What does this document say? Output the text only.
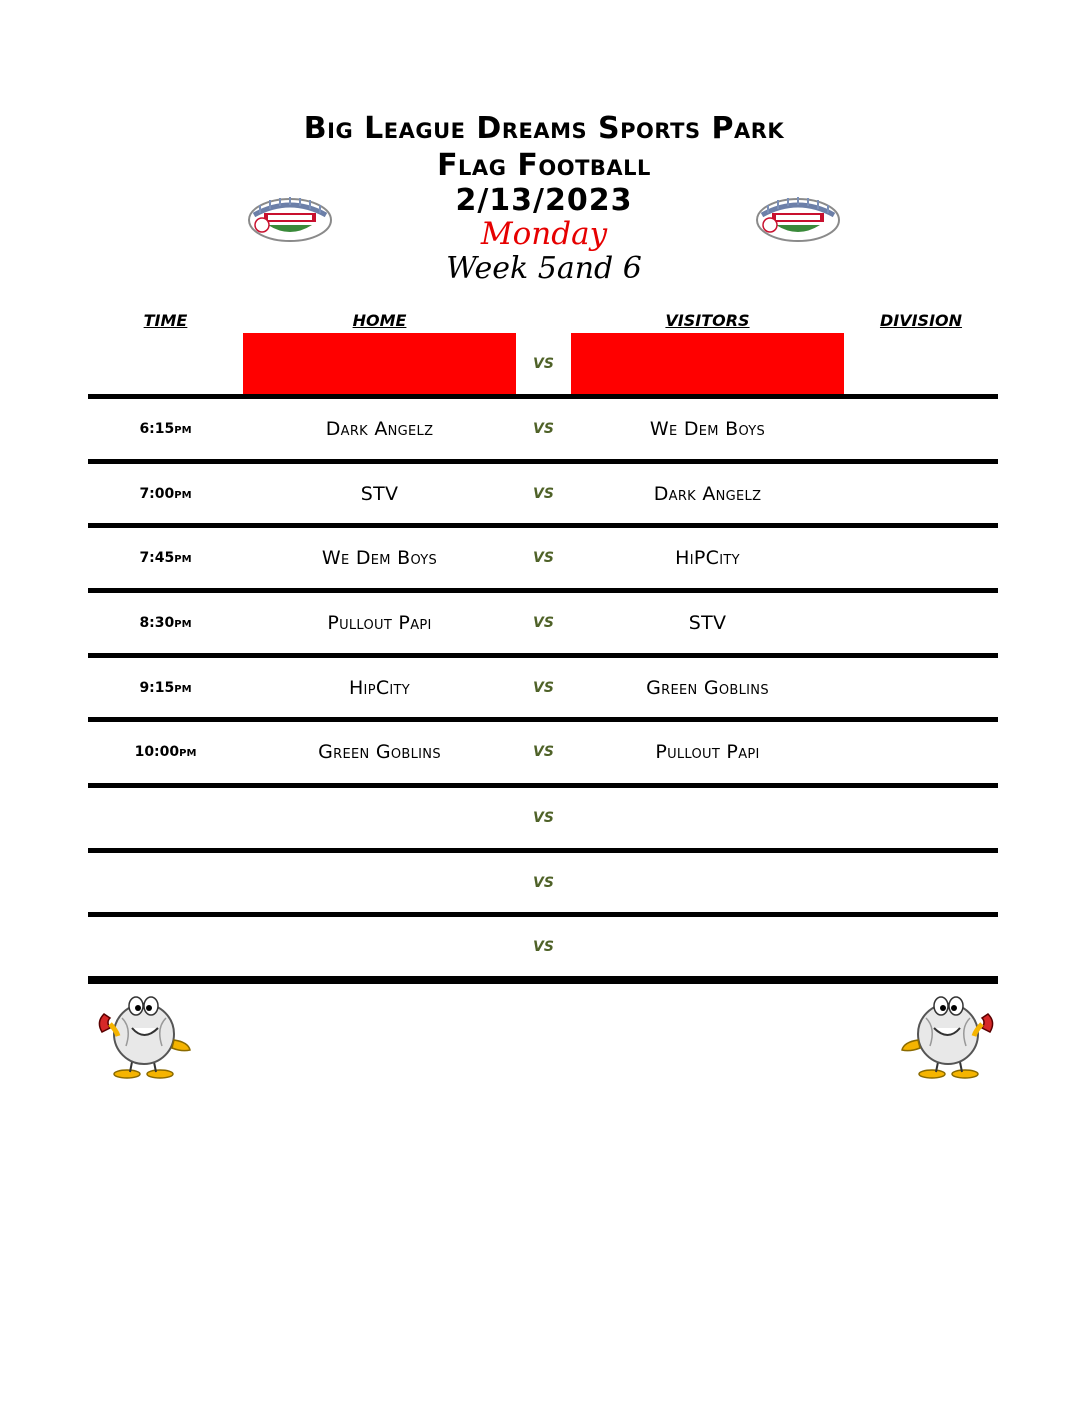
Big League Dreams Sports Park
Flag Football
2/13/2023
Monday
Week 5and 6
TIME	HOME	VISITORS	DIVISION
VS
6:15pm	Dark Angelz	VS	We Dem Boys
7:00pm	STV	VS	Dark Angelz
7:45pm	We Dem Boys	VS	HiPCity
8:30pm	Pullout Papi	VS	STV
9:15pm	HipCity	VS	Green Goblins
10:00pm	Green Goblins	VS	Pullout Papi
VS
VS
VS
